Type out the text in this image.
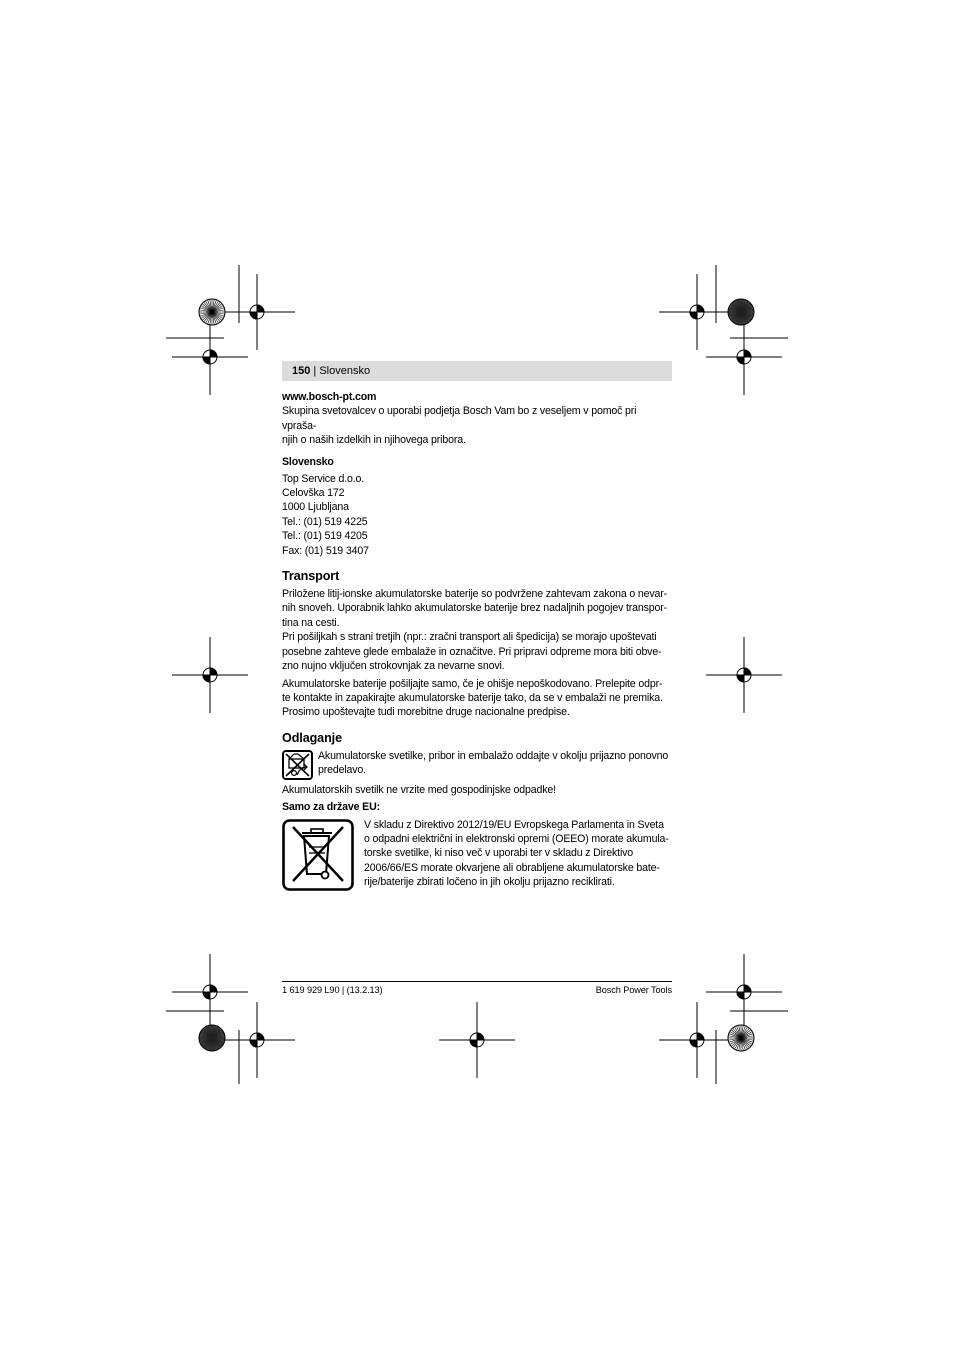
150 | Slovensko

www.bosch-pt.com

Skupina svetovalcev o uporabi podjetja Bosch Vam bo z veseljem v pomoč pri vpraša-

njih o naših izdelkih in njihovega pribora.

Slovensko

Top Service d.o.o.

Celovška 172

1000 Ljubljana

Tel.: (01) 519 4225

Tel.: (01) 519 4205

Fax: (01) 519 3407

Transport

Priložene litij-ionske akumulatorske baterije so podvržene zahtevam zakona o nevar-

nih snoveh. Uporabnik lahko akumulatorske baterije brez nadaljnih pogojev transpor-

tina na cesti.

Pri pošiljkah s strani tretjih (npr.: zračni transport ali špedicija) se morajo upoštevati

posebne zahteve glede embalaže in označitve. Pri pripravi odpreme mora biti obve-

zno nujno vključen strokovnjak za nevarne snovi.

Akumulatorske baterije pošiljajte samo, če je ohišje nepoškodovano. Prelepite odpr-

te kontakte in zapakirajte akumulatorske baterije tako, da se v embalaži ne premika.

Prosimo upoštevajte tudi morebitne druge nacionalne predpise.

Odlaganje

Akumulatorske svetilke, pribor in embalažo oddajte v okolju prijazno ponovno

predelavo.

Akumulatorskih svetilk ne vrzite med gospodinjske odpadke!

Samo za države EU:

V skladu z Direktivo 2012/19/EU Evropskega Parlamenta in Sveta

o odpadni električni in elektronski opremi (OEEO) morate akumula-

torske svetilke, ki niso več v uporabi ter v skladu z Direktivo

2006/66/ES morate okvarjene ali obrabljene akumulatorske bate-

rije/baterije zbirati ločeno in jih okolju prijazno reciklirati.

1 619 929 L90 | (13.2.13)	Bosch Power Tools
